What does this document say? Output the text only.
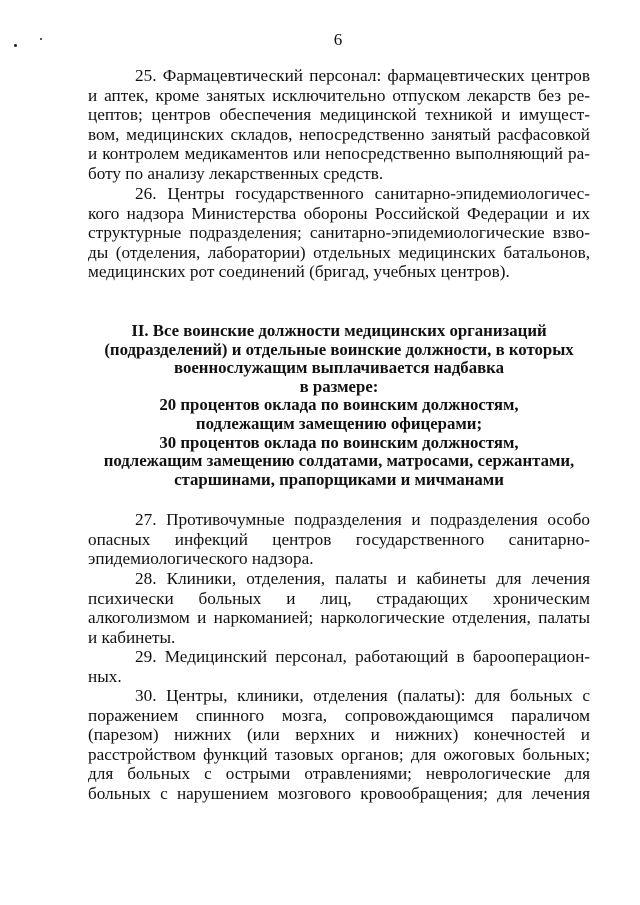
6
25. Фармацевтический персонал: фармацевтических центров
и аптек, кроме занятых исключительно отпуском лекарств без ре-
цептов; центров обеспечения медицинской техникой и имущест-
вом, медицинских складов, непосредственно занятый расфасовкой
и контролем медикаментов или непосредственно выполняющий ра-
боту по анализу лекарственных средств.
26. Центры государственного санитарно-эпидемиологичес-
кого надзора Министерства обороны Российской Федерации и их
структурные подразделения; санитарно-эпидемиологические взво-
ды (отделения, лаборатории) отдельных медицинских батальонов,
медицинских рот соединений (бригад, учебных центров).
II. Все воинские должности медицинских организаций
(подразделений) и отдельные воинские должности, в которых
военнослужащим выплачивается надбавка
в размере:
20 процентов оклада по воинским должностям,
подлежащим замещению офицерами;
30 процентов оклада по воинским должностям,
подлежащим замещению солдатами, матросами, сержантами,
старшинами, прапорщиками и мичманами
27. Противочумные подразделения и подразделения особо
опасных инфекций центров государственного санитарно-
эпидемиологического надзора.
28. Клиники, отделения, палаты и кабинеты для лечения
психически больных и лиц, страдающих хроническим
алкоголизмом и наркоманией; наркологические отделения, палаты
и кабинеты.
29. Медицинский персонал, работающий в барооперацион-
ных.
30. Центры, клиники, отделения (палаты): для больных с
поражением спинного мозга, сопровождающимся параличом
(парезом) нижних (или верхних и нижних) конечностей и
расстройством функций тазовых органов; для ожоговых больных;
для больных с острыми отравлениями; неврологические для
больных с нарушением мозгового кровообращения; для лечения
